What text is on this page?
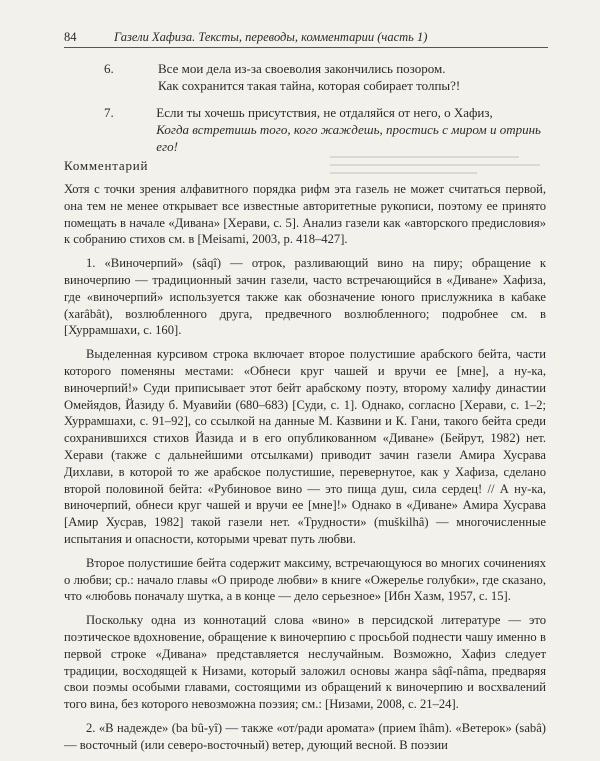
84	Газели Хафиза. Тексты, переводы, комментарии (часть 1)
6.	Все мои дела из-за своеволия закончились позором.
Как сохранится такая тайна, которая собирает толпы?!
7.	Если ты хочешь присутствия, не отдаляйся от него, о Хафиз,
Когда встретишь того, кого жаждешь, простись с миром и отринь его!
Комментарий

Хотя с точки зрения алфавитного порядка рифм эта газель не может считаться первой, она тем не менее открывает все известные авторитетные рукописи, поэтому ее принято помещать в начале «Дивана» [Херави, с. 5]. Анализ газели как «авторского предисловия» к собранию стихов см. в [Meisami, 2003, p. 418–427].

1. «Виночерпий» (sâqî) — отрок, разливающий вино на пиру; обращение к виночерпию — традиционный зачин газели, часто встречающийся в «Диване» Хафиза, где «виночерпий» используется также как обозначение юного прислужника в кабаке (xarâbât), возлюбленного друга, предвечного возлюбленного; подробнее см. в [Хуррамшахи, с. 160].

Выделенная курсивом строка включает второе полустишие арабского бейта, части которого поменяны местами: «Обнеси круг чашей и вручи ее [мне], а ну-ка, виночерпий!» Суди приписывает этот бейт арабскому поэту, второму халифу династии Омейядов, Йазиду б. Муавийи (680–683) [Суди, с. 1]. Однако, согласно [Херави, с. 1–2; Хуррамшахи, с. 91–92], со ссылкой на данные М. Казвини и К. Гани, такого бейта среди сохранившихся стихов Йазида и в его опубликованном «Диване» (Бейрут, 1982) нет. Херави (также с дальнейшими отсылками) приводит зачин газели Амира Хусрава Дихлави, в которой то же арабское полустишие, перевернутое, как у Хафиза, сделано второй половиной бейта: «Рубиновое вино — это пища душ, сила сердец! // А ну-ка, виночерпий, обнеси круг чашей и вручи ее [мне]!» Однако в «Диване» Амира Хусрава [Амир Хусрав, 1982] такой газели нет. «Трудности» (muškilhâ) — многочисленные испытания и опасности, которыми чреват путь любви.

Второе полустишие бейта содержит максиму, встречающуюся во многих сочинениях о любви; ср.: начало главы «О природе любви» в книге «Ожерелье голубки», где сказано, что «любовь поначалу шутка, а в конце — дело серьезное» [Ибн Хазм, 1957, с. 15].

Поскольку одна из коннотаций слова «вино» в персидской литературе — это поэтическое вдохновение, обращение к виночерпию с просьбой поднести чашу именно в первой строке «Дивана» представляется неслучайным. Возможно, Хафиз следует традиции, восходящей к Низами, который заложил основы жанра sâqî-nâma, предваряя свои поэмы особыми главами, состоящими из обращений к виночерпию и восхвалений того вина, без которого невозможна поэзия; см.: [Низами, 2008, с. 21–24].

2. «В надежде» (ba bû-yî) — также «от/ради аромата» (прием îhâm). «Ветерок» (sabâ) — восточный (или северо-восточный) ветер, дующий весной. В поэзии
